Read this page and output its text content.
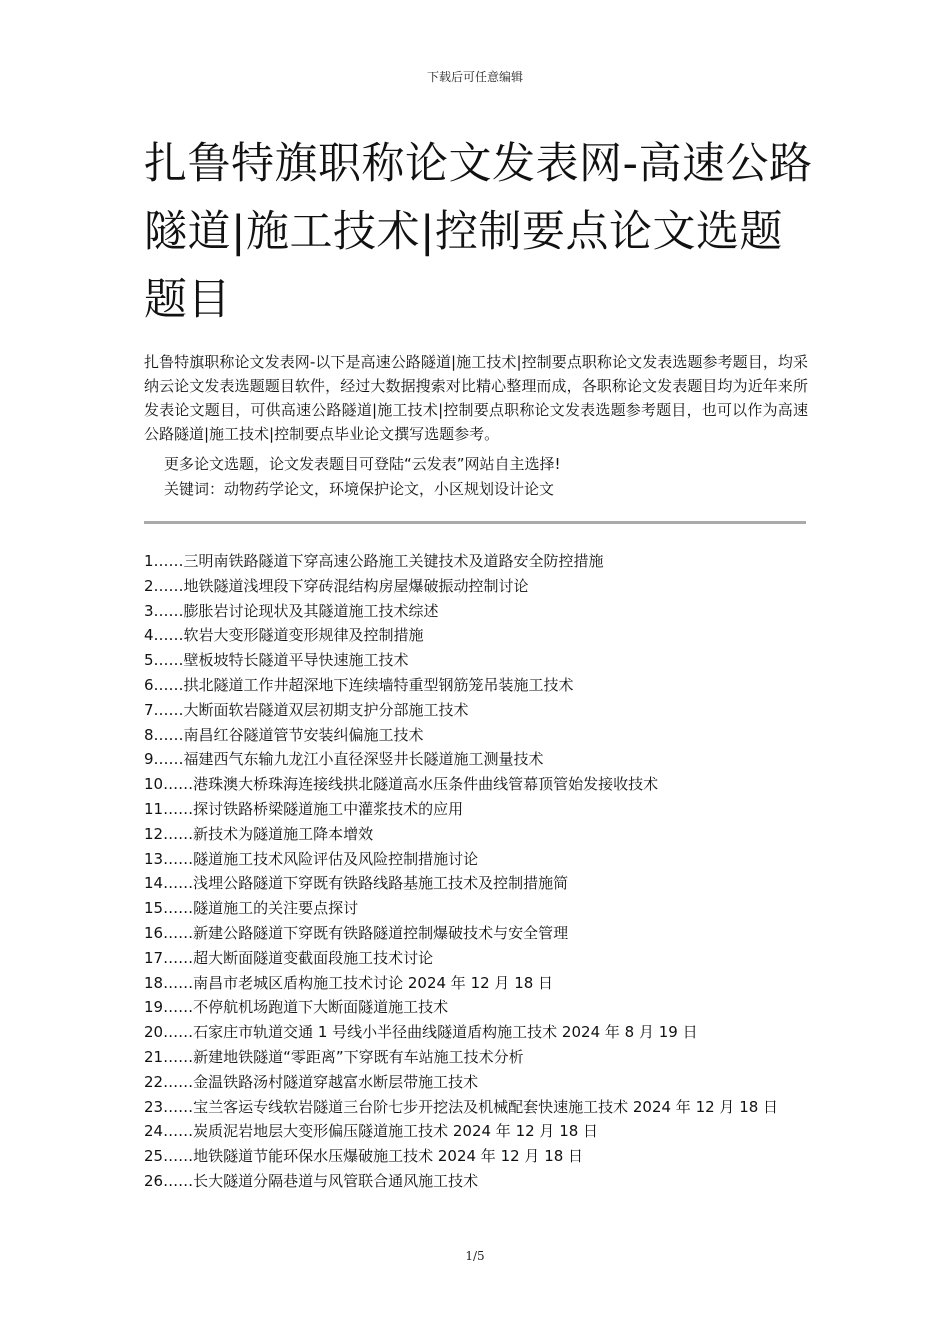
下载后可任意编辑
扎鲁特旗职称论文发表网-高速公路隧道|施工技术|控制要点论文选题题目

扎鲁特旗职称论文发表网-以下是高速公路隧道|施工技术|控制要点职称论文发表选题参考题目，均采纳云论文发表选题题目软件，经过大数据搜索对比精心整理而成，各职称论文发表题目均为近年来所发表论文题目，可供高速公路隧道|施工技术|控制要点职称论文发表选题参考题目，也可以作为高速公路隧道|施工技术|控制要点毕业论文撰写选题参考。

更多论文选题，论文发表题目可登陆“云发表”网站自主选择!
关键词：动物药学论文，环境保护论文，小区规划设计论文
1……三明南铁路隧道下穿高速公路施工关键技术及道路安全防控措施
2……地铁隧道浅埋段下穿砖混结构房屋爆破振动控制讨论
3……膨胀岩讨论现状及其隧道施工技术综述
4……软岩大变形隧道变形规律及控制措施
5……壁板坡特长隧道平导快速施工技术
6……拱北隧道工作井超深地下连续墙特重型钢筋笼吊装施工技术
7……大断面软岩隧道双层初期支护分部施工技术
8……南昌红谷隧道管节安装纠偏施工技术
9……福建西气东输九龙江小直径深竖井长隧道施工测量技术
10……港珠澳大桥珠海连接线拱北隧道高水压条件曲线管幕顶管始发接收技术
11……探讨铁路桥梁隧道施工中灌浆技术的应用
12……新技术为隧道施工降本增效
13……隧道施工技术风险评估及风险控制措施讨论
14……浅埋公路隧道下穿既有铁路线路基施工技术及控制措施简
15……隧道施工的关注要点探讨
16……新建公路隧道下穿既有铁路隧道控制爆破技术与安全管理
17……超大断面隧道变截面段施工技术讨论
18……南昌市老城区盾构施工技术讨论 2024 年 12 月 18 日
19……不停航机场跑道下大断面隧道施工技术
20……石家庄市轨道交通 1 号线小半径曲线隧道盾构施工技术 2024 年 8 月 19 日
21……新建地铁隧道“零距离”下穿既有车站施工技术分析
22……金温铁路汤村隧道穿越富水断层带施工技术
23……宝兰客运专线软岩隧道三台阶七步开挖法及机械配套快速施工技术 2024 年 12 月 18 日
24……炭质泥岩地层大变形偏压隧道施工技术 2024 年 12 月 18 日
25……地铁隧道节能环保水压爆破施工技术 2024 年 12 月 18 日
26……长大隧道分隔巷道与风管联合通风施工技术
1/5
